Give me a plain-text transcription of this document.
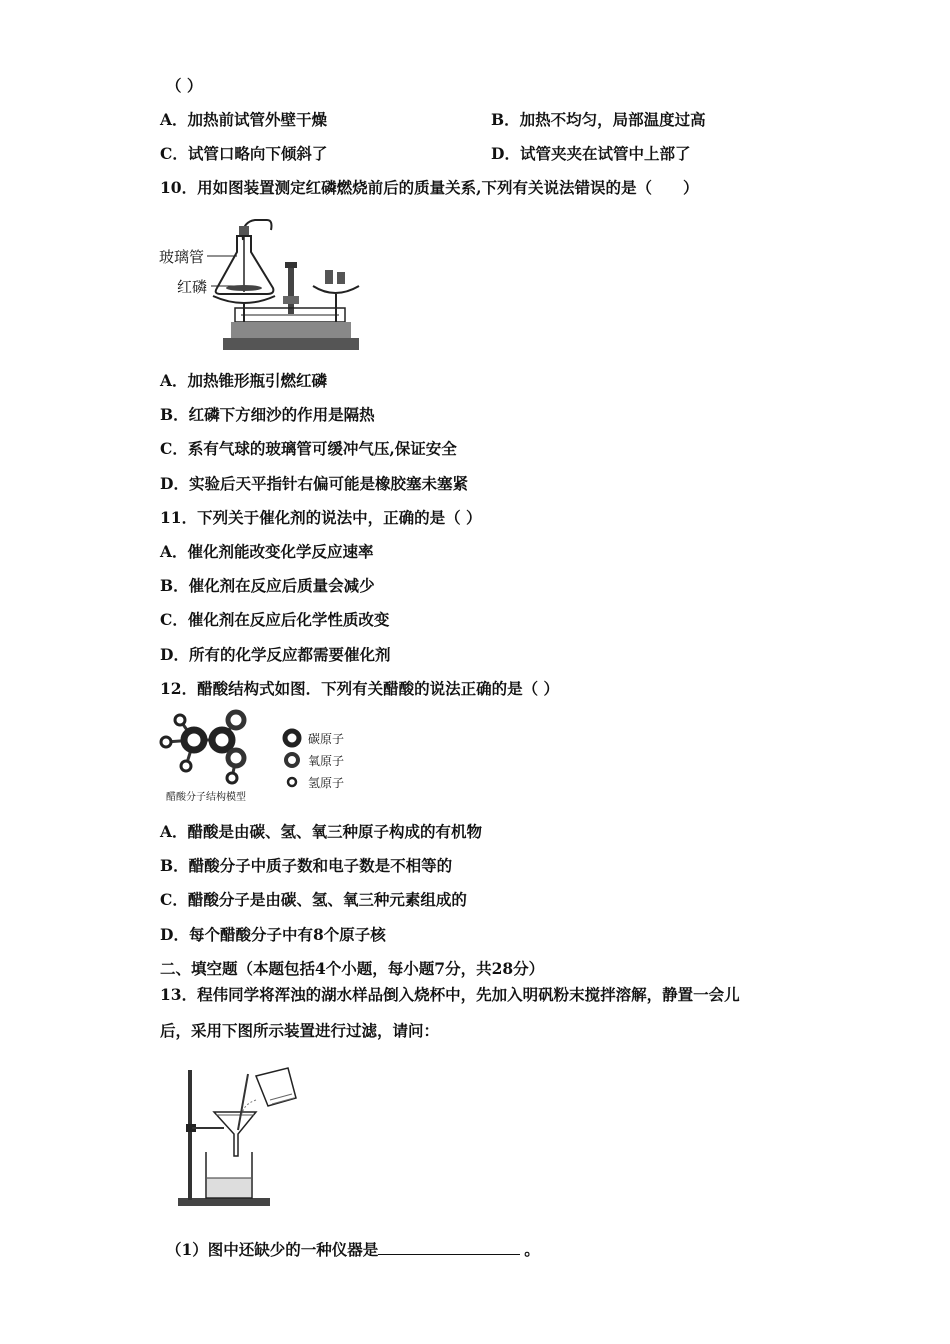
（ ）
A．加热前试管外壁干燥	B．加热不均匀，局部温度过高
C．试管口略向下倾斜了	D．试管夹夹在试管中上部了
10．用如图装置测定红磷燃烧前后的质量关系,下列有关说法错误的是（　　）
玻璃管
红磷
A．加热锥形瓶引燃红磷
B．红磷下方细沙的作用是隔热
C．系有气球的玻璃管可缓冲气压,保证安全
D．实验后天平指针右偏可能是橡胶塞未塞紧
11．下列关于催化剂的说法中，正确的是（ ）
A．催化剂能改变化学反应速率
B．催化剂在反应后质量会减少
C．催化剂在反应后化学性质改变
D．所有的化学反应都需要催化剂
12．醋酸结构式如图．下列有关醋酸的说法正确的是（ ）
醋酸分子结构模型
碳原子
氧原子
氢原子
A．醋酸是由碳、氢、氧三种原子构成的有机物
B．醋酸分子中质子数和电子数是不相等的
C．醋酸分子是由碳、氢、氧三种元素组成的
D．每个醋酸分子中有8个原子核
二、填空题（本题包括4个小题，每小题7分，共28分）
13．程伟同学将浑浊的湖水样品倒入烧杯中，先加入明矾粉末搅拌溶解，静置一会儿
后，采用下图所示装置进行过滤，请问：
（1）图中还缺少的一种仪器是	。
